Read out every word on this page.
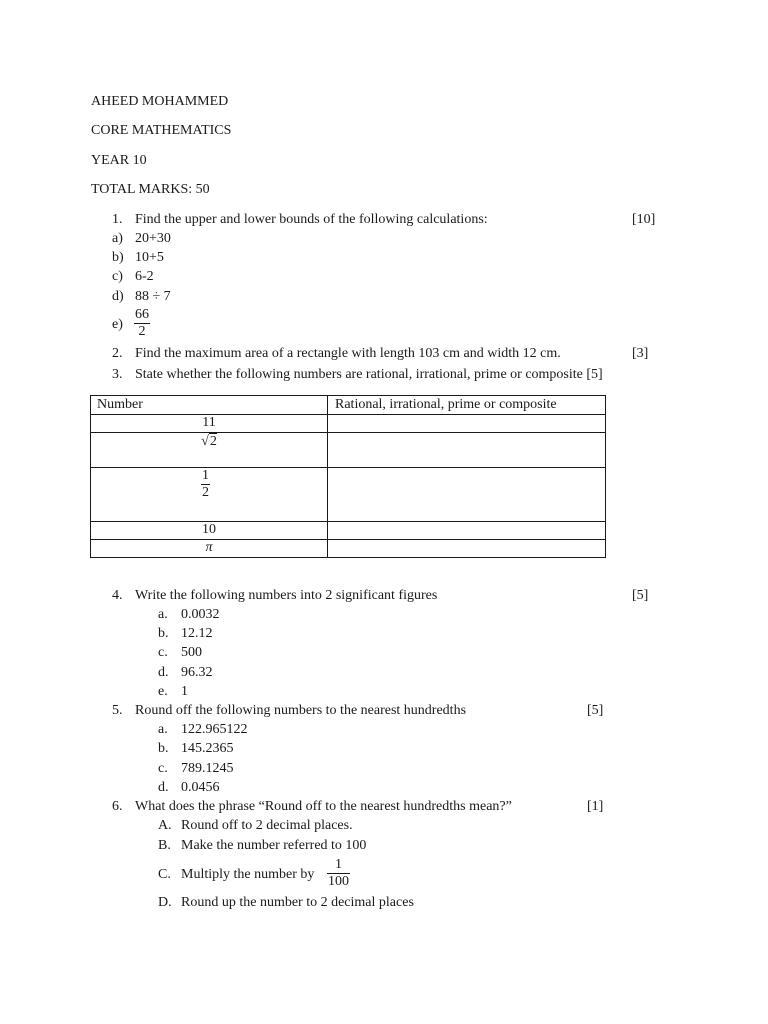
AHEED MOHAMMED
CORE MATHEMATICS
YEAR 10
TOTAL MARKS: 50
1. Find the upper and lower bounds of the following calculations:	[10]
a) 20+30
b) 10+5
c) 6-2
d) 88 ÷ 7
$e) \frac{66}{2}$
2. Find the maximum area of a rectangle with length 103 cm and width 12 cm.	[3]
3. State whether the following numbers are rational, irrational, prime or composite [5]
Number	Rational, irrational, prime or composite
11
√2
$\frac{1}{2}$
10
π
4. Write the following numbers into 2 significant figures	[5]
a. 0.0032
b. 12.12
c. 500
d. 96.32
e. 1
5. Round off the following numbers to the nearest hundredths	[5]
a. 122.965122
b. 145.2365
c. 789.1245
d. 0.0456
6. What does the phrase “Round off to the nearest hundredths mean?”	[1]
A. Round off to 2 decimal places.
B. Make the number referred to 100
C. Multiply the number by $\frac{1}{100}$
D. Round up the number to 2 decimal places
